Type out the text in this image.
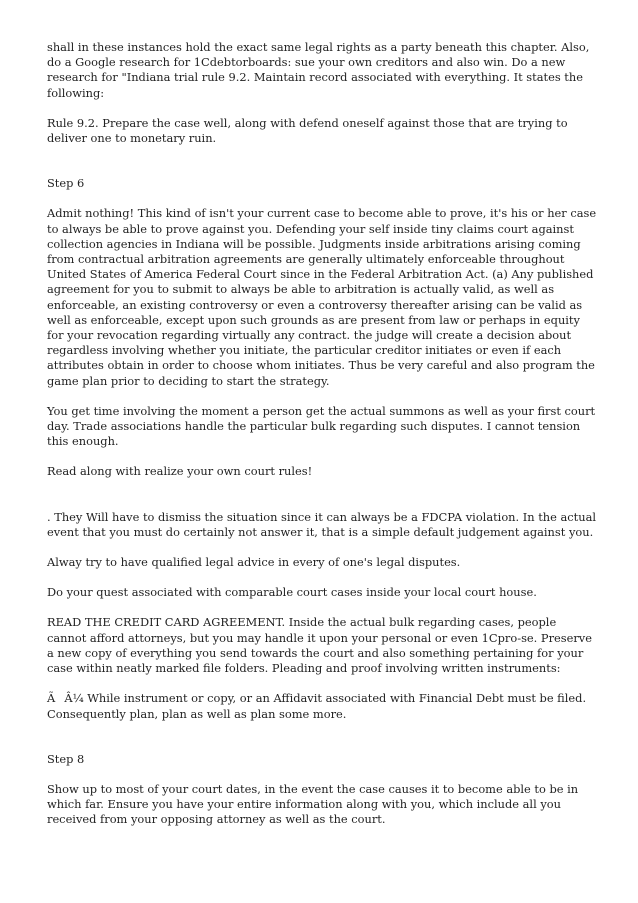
shall in these instances hold the exact same legal rights as a party beneath this chapter. Also, do a Google research for 1Cdebtorboards: sue your own creditors and also win. Do a new research for "Indiana trial rule 9.2. Maintain record associated with everything. It states the following:

Rule 9.2. Prepare the case well, along with defend oneself against those that are trying to deliver one to monetary ruin.

Step 6

Admit nothing! This kind of isn't your current case to become able to prove, it's his or her case to always be able to prove against you. Defending your self inside tiny claims court against collection agencies in Indiana will be possible. Judgments inside arbitrations arising coming from contractual arbitration agreements are generally ultimately enforceable throughout United States of America Federal Court since in the Federal Arbitration Act. (a) Any published agreement for you to submit to always be able to arbitration is actually valid, as well as enforceable, an existing controversy or even a controversy thereafter arising can be valid as well as enforceable, except upon such grounds as are present from law or perhaps in equity for your revocation regarding virtually any contract. the judge will create a decision about regardless involving whether you initiate, the particular creditor initiates or even if each attributes obtain in order to choose whom initiates. Thus be very careful and also program the game plan prior to deciding to start the strategy.

You get time involving the moment a person get the actual summons as well as your first court day. Trade associations handle the particular bulk regarding such disputes. I cannot tension this enough.

Read along with realize your own court rules!

. They Will have to dismiss the situation since it can always be a FDCPA violation. In the actual event that you must do certainly not answer it, that is a simple default judgement against you.

Alway try to have qualified legal advice in every of one's legal disputes.

Do your quest associated with comparable court cases inside your local court house.

READ THE CREDIT CARD AGREEMENT. Inside the actual bulk regarding cases, people cannot afford attorneys, but you may handle it upon your personal or even 1Cpro-se. Preserve a new copy of everything you send towards the court and also something pertaining for your case within neatly marked file folders. Pleading and proof involving written instruments:

ÃÂ¼ While instrument or copy, or an Affidavit associated with Financial Debt must be filed. Consequently plan, plan as well as plan some more.

Step 8

Show up to most of your court dates, in the event the case causes it to become able to be in which far. Ensure you have your entire information along with you, which include all you received from your opposing attorney as well as the court.
